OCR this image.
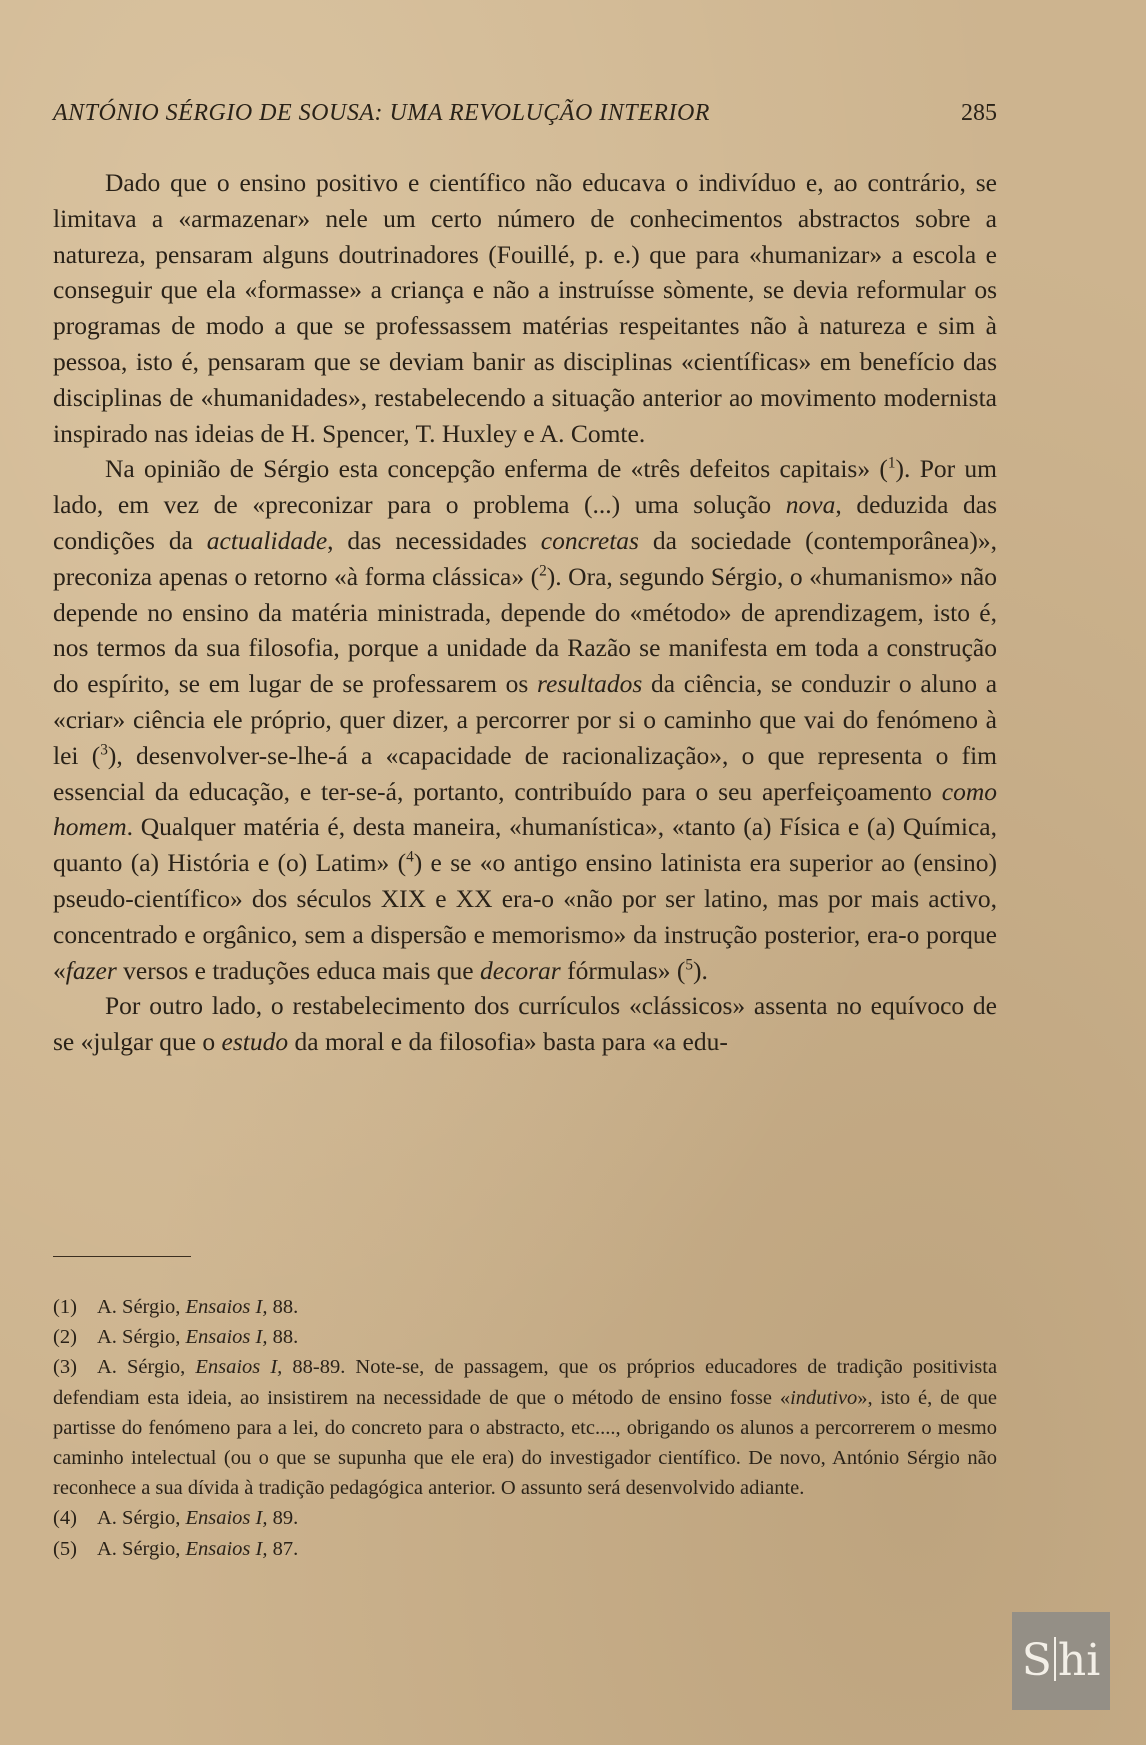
ANTÓNIO SÉRGIO DE SOUSA: UMA REVOLUÇÃO INTERIOR	285

Dado que o ensino positivo e científico não educava o indivíduo e, ao contrário, se limitava a «armazenar» nele um certo número de conhecimentos abstractos sobre a natureza, pensaram alguns doutrinadores (Fouillé, p. e.) que para «humanizar» a escola e conseguir que ela «formasse» a criança e não a instruísse sòmente, se devia reformular os programas de modo a que se professassem matérias respeitantes não à natureza e sim à pessoa, isto é, pensaram que se deviam banir as disciplinas «científicas» em benefício das disciplinas de «humanidades», restabelecendo a situação anterior ao movimento modernista inspirado nas ideias de H. Spencer, T. Huxley e A. Comte.

Na opinião de Sérgio esta concepção enferma de «três defeitos capitais» ($^1$). Por um lado, em vez de «preconizar para o problema (...) uma solução nova, deduzida das condições da actualidade, das necessidades concretas da sociedade (contemporânea)», preconiza apenas o retorno «à forma clássica» ($^2$). Ora, segundo Sérgio, o «humanismo» não depende no ensino da matéria ministrada, depende do «método» de aprendizagem, isto é, nos termos da sua filosofia, porque a unidade da Razão se manifesta em toda a construção do espírito, se em lugar de se professarem os resultados da ciência, se conduzir o aluno a «criar» ciência ele próprio, quer dizer, a percorrer por si o caminho que vai do fenómeno à lei ($^3$), desenvolver-se-lhe-á a «capacidade de racionalização», o que representa o fim essencial da educação, e ter-se-á, portanto, contribuído para o seu aperfeiçoamento como homem. Qualquer matéria é, desta maneira, «humanística», «tanto (a) Física e (a) Química, quanto (a) História e (o) Latim» ($^4$) e se «o antigo ensino latinista era superior ao (ensino) pseudo-científico» dos séculos XIX e XX era-o «não por ser latino, mas por mais activo, concentrado e orgânico, sem a dispersão e memorismo» da instrução posterior, era-o porque «fazer versos e traduções educa mais que decorar fórmulas» ($^5$).

Por outro lado, o restabelecimento dos currículos «clássicos» assenta no equívoco de se «julgar que o estudo da moral e da filosofia» basta para «a edu-

(1) A. Sérgio, Ensaios I, 88.

(2) A. Sérgio, Ensaios I, 88.

(3) A. Sérgio, Ensaios I, 88-89. Note-se, de passagem, que os próprios educadores de tradição positivista defendiam esta ideia, ao insistirem na necessidade de que o método de ensino fosse «indutivo», isto é, de que partisse do fenómeno para a lei, do concreto para o abstracto, etc...., obrigando os alunos a percorrerem o mesmo caminho intelectual (ou o que se supunha que ele era) do investigador científico. De novo, António Sérgio não reconhece a sua dívida à tradição pedagógica anterior. O assunto será desenvolvido adiante.

(4) A. Sérgio, Ensaios I, 89.

(5) A. Sérgio, Ensaios I, 87.

S hi
